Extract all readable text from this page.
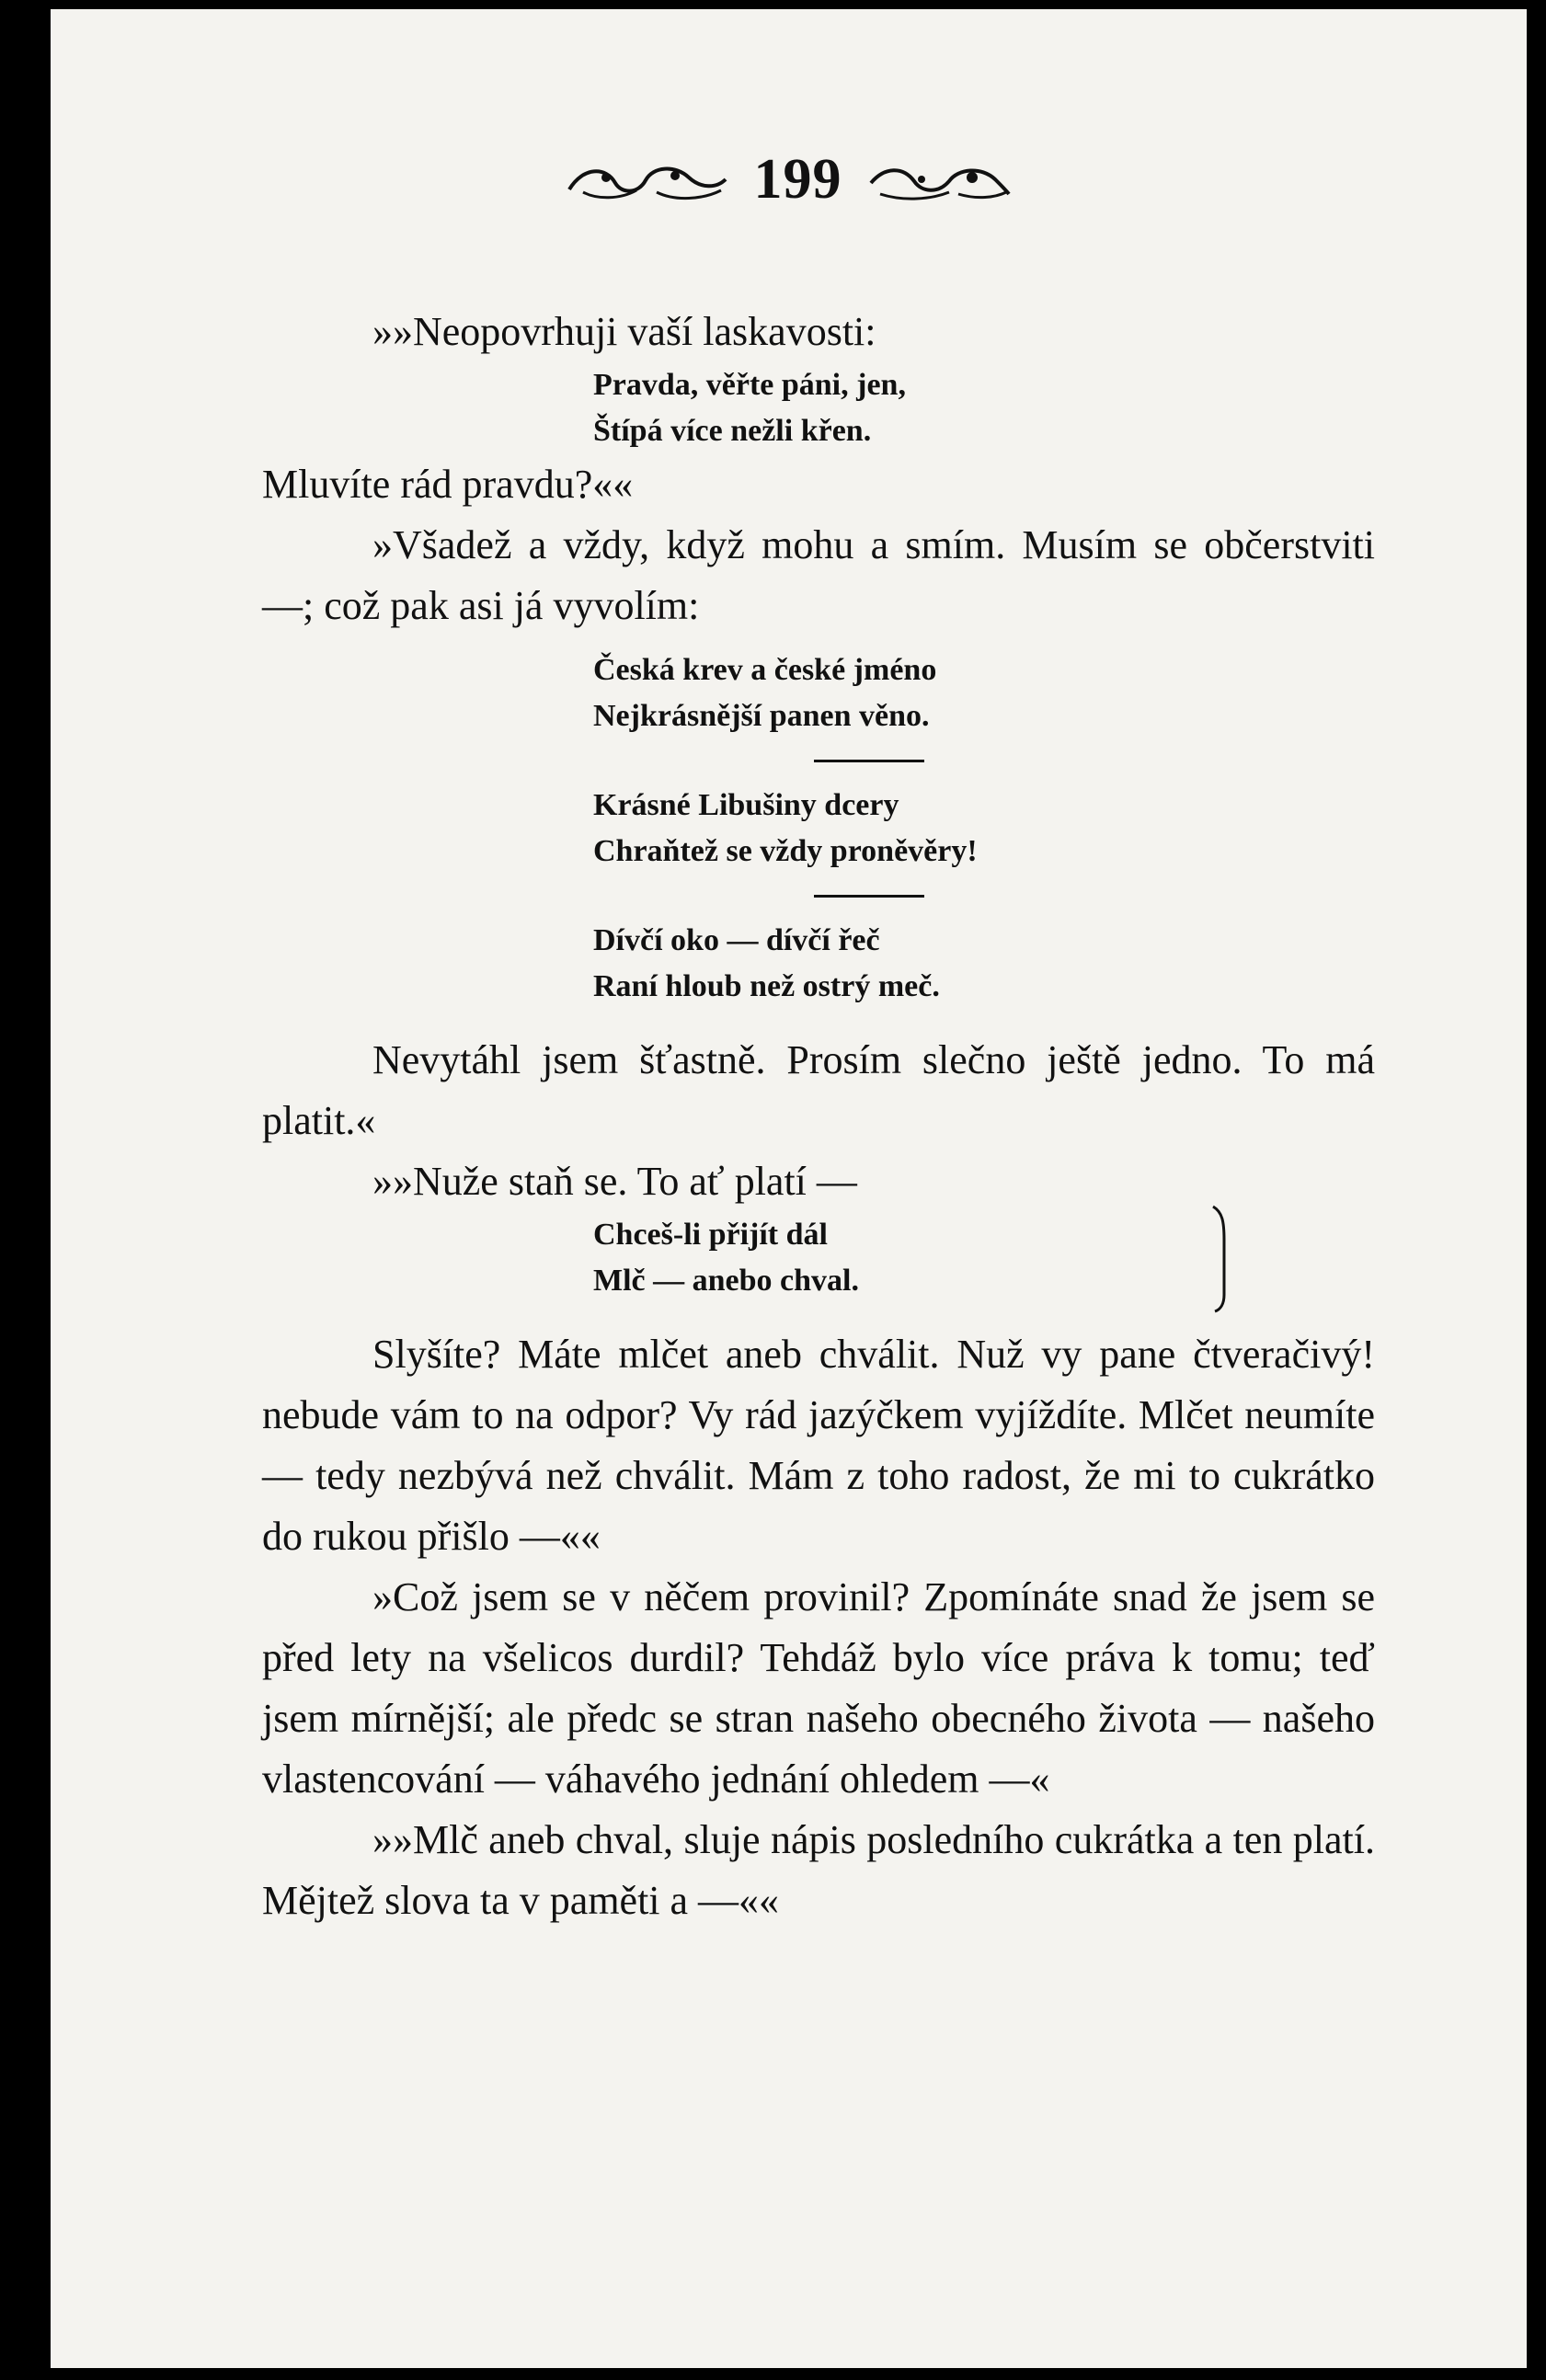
199

»»Neopovrhuji vaší laskavosti:

Pravda, věřte páni, jen,
Štípá více nežli křen.

Mluvíte rád pravdu?««

»Všadež a vždy, když mohu a smím. Musím se občerstviti —; což pak asi já vyvolím:

Česká krev a české jméno
Nejkrásnější panen věno.
Krásné Libušiny dcery
Chraňtež se vždy proněvěry!
Dívčí oko — dívčí řeč
Raní hloub než ostrý meč.

Nevytáhl jsem šťastně. Prosím slečno ještě jedno. To má platit.«

»»Nuže staň se. To ať platí —

Chceš-li přijít dál
Mlč — anebo chval.

Slyšíte? Máte mlčet aneb chválit. Nuž vy pane čtveračivý! nebude vám to na odpor? Vy rád jazýčkem vyjíždíte. Mlčet neumíte — tedy nezbývá než chválit. Mám z toho radost, že mi to cukrátko do rukou přišlo —««

»Což jsem se v něčem provinil? Zpomínáte snad že jsem se před lety na všelicos durdil? Tehdáž bylo více práva k tomu; teď jsem mírnější; ale předc se stran našeho obecného života — našeho vlastencování — váhavého jednání ohledem —«

»»Mlč aneb chval, sluje nápis posledního cukrátka a ten platí. Mějtež slova ta v paměti a —««
